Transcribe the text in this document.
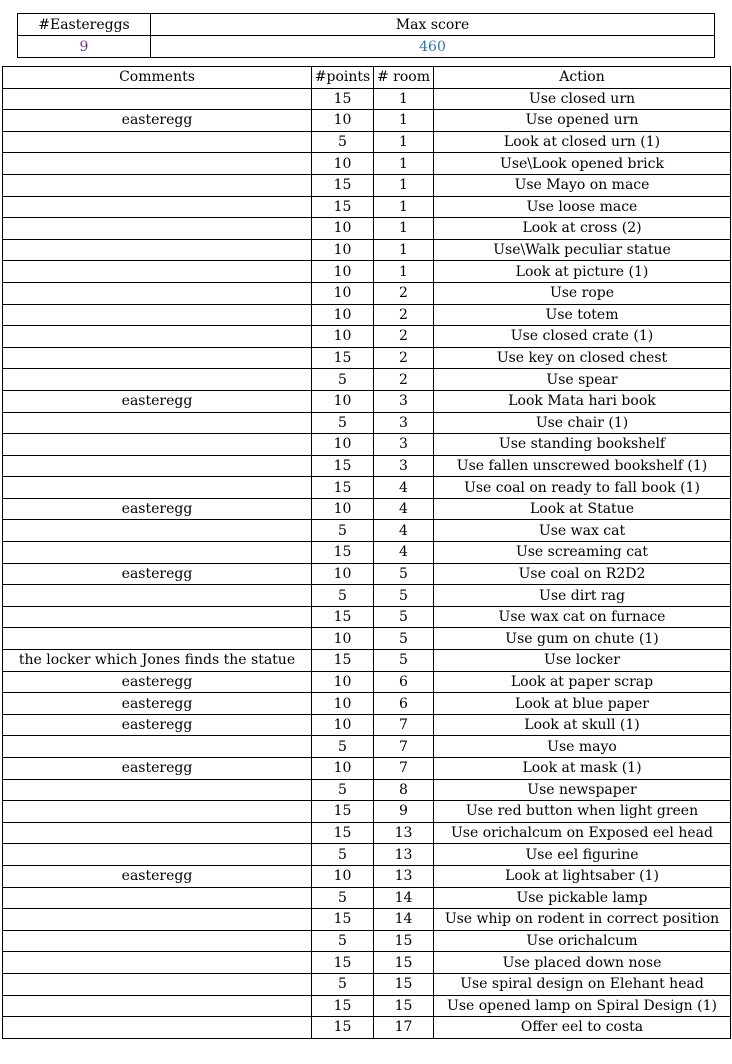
#Eastereggs	Max score
9	460
Comments	#points	# room	Action
	15	1	Use closed urn
easteregg	10	1	Use opened urn
	5	1	Look at closed urn (1)
	10	1	Use\Look opened brick
	15	1	Use Mayo on mace
	15	1	Use loose mace
	10	1	Look at cross (2)
	10	1	Use\Walk peculiar statue
	10	1	Look at picture (1)
	10	2	Use rope
	10	2	Use totem
	10	2	Use closed crate (1)
	15	2	Use key on closed chest
	5	2	Use spear
easteregg	10	3	Look Mata hari book
	5	3	Use chair (1)
	10	3	Use standing bookshelf
	15	3	Use fallen unscrewed bookshelf (1)
	15	4	Use coal on ready to fall book (1)
easteregg	10	4	Look at Statue
	5	4	Use wax cat
	15	4	Use screaming cat
easteregg	10	5	Use coal on R2D2
	5	5	Use dirt rag
	15	5	Use wax cat on furnace
	10	5	Use gum on chute (1)
the locker which Jones finds the statue	15	5	Use locker
easteregg	10	6	Look at paper scrap
easteregg	10	6	Look at blue paper
easteregg	10	7	Look at skull (1)
	5	7	Use mayo
easteregg	10	7	Look at mask (1)
	5	8	Use newspaper
	15	9	Use red button when light green
	15	13	Use orichalcum on Exposed eel head
	5	13	Use eel figurine
easteregg	10	13	Look at lightsaber (1)
	5	14	Use pickable lamp
	15	14	Use whip on rodent in correct position
	5	15	Use orichalcum
	15	15	Use placed down nose
	5	15	Use spiral design on Elehant head
	15	15	Use opened lamp on Spiral Design (1)
	15	17	Offer eel to costa
